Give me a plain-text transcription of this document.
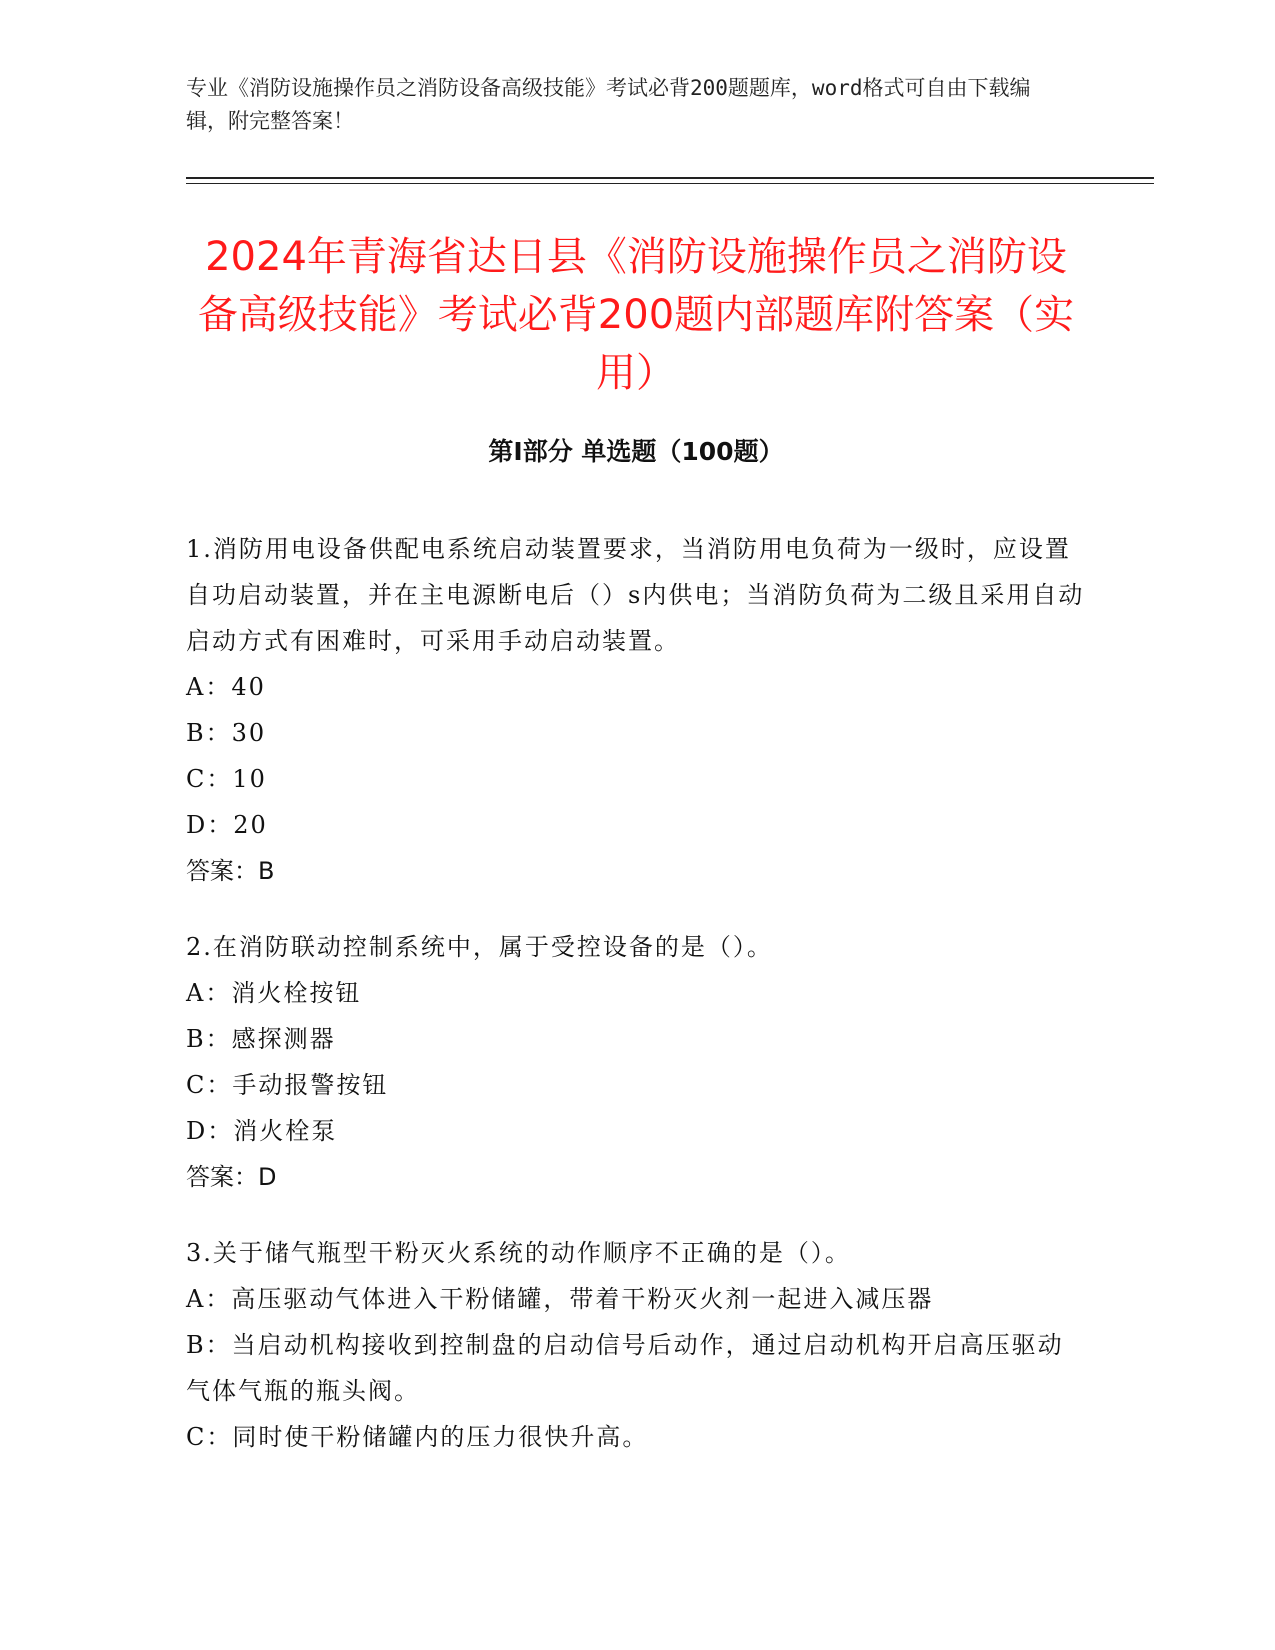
专业《消防设施操作员之消防设备高级技能》考试必背200题题库，word格式可自由下载编辑，附完整答案！
2024年青海省达日县《消防设施操作员之消防设备高级技能》考试必背200题内部题库附答案（实用）
第I部分 单选题（100题）
1.消防用电设备供配电系统启动装置要求，当消防用电负荷为一级时，应设置自功启动装置，并在主电源断电后（）s内供电；当消防负荷为二级且采用自动启动方式有困难时，可采用手动启动装置。
A：40
B：30
C：10
D：20
答案：B
2.在消防联动控制系统中，属于受控设备的是（）。
A：消火栓按钮
B：感探测器
C：手动报警按钮
D：消火栓泵
答案：D
3.关于储气瓶型干粉灭火系统的动作顺序不正确的是（）。
A：高压驱动气体进入干粉储罐，带着干粉灭火剂一起进入减压器
B：当启动机构接收到控制盘的启动信号后动作，通过启动机构开启高压驱动气体气瓶的瓶头阀。
C：同时使干粉储罐内的压力很快升高。
